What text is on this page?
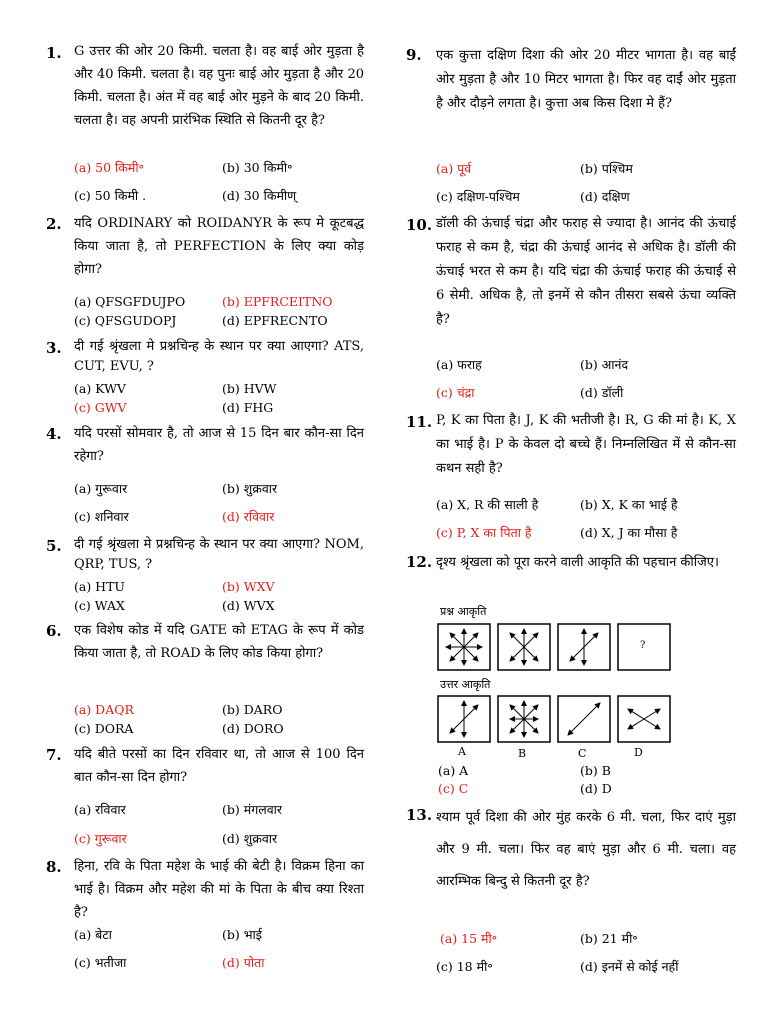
1. G उत्तर की ओर 20 किमी. चलता है। वह बाई ओर मुड़ता है और 40 किमी. चलता है। वह पुनः बाई ओर मुड़ता है और 20 किमी. चलता है। अंत में वह बाई ओर मुड़ने के बाद 20 किमी. चलता है। वह अपनी प्रारंभिक स्थिति से कितनी दूर है?
(a) 50 किमी॰	(b) 30 किमी॰
(c) 50 किमी .	(d) 30 किमीण्
2. यदि ORDINARY को ROIDANYR के रूप मे कूटबद्ध किया जाता है, तो PERFECTION के लिए क्या कोड़ होगा?
(a) QFSGFDUJPO	(b) EPFRCEITNO
(c) QFSGUDOPJ	(d) EPFRECNTO
3. दी गई श्रृंखला मे प्रश्नचिन्ह के स्थान पर क्या आएगा? ATS, CUT, EVU, ?
(a) KWV	(b) HVW
(c) GWV	(d) FHG
4. यदि परसों सोमवार है, तो आज से 15 दिन बार कौन-सा दिन रहेगा?
(a) गुरूवार	(b) शुक्रवार
(c) शनिवार	(d) रविवार
5. दी गई श्रृंखला मे प्रश्नचिन्ह के स्थान पर क्या आएगा? NOM, QRP, TUS, ?
(a) HTU	(b) WXV
(c) WAX	(d) WVX
6. एक विशेष कोड में यदि GATE को ETAG के रूप में कोड किया जाता है, तो ROAD के लिए कोड किया होगा?
(a) DAQR	(b) DARO
(c) DORA	(d) DORO
7. यदि बीते परसों का दिन रविवार था, तो आज से 100 दिन बात कौन-सा दिन होगा?
(a) रविवार	(b) मंगलवार
(c) गुरूवार	(d) शुक्रवार
8. हिना, रवि के पिता महेश के भाई की बेटी है। विक्रम हिना का भाई है। विक्रम और महेश की मां के पिता के बीच क्या रिश्ता है?
(a) बेटा	(b) भाई
(c) भतीजा	(d) पोता
9. एक कुत्ता दक्षिण दिशा की ओर 20 मीटर भागता है। वह बाईं ओर मुड़ता है और 10 मिटर भागता है। फिर वह दाईं ओर मुड़ता है और दौड़ने लगता है। कुत्ता अब किस दिशा मे हैं?
(a) पूर्व	(b) पश्चिम
(c) दक्षिण-पश्चिम	(d) दक्षिण
10. डॉली की ऊंचाई चंद्रा और फराह से ज्यादा है। आनंद की ऊंचाई फराह से कम है, चंद्रा की ऊंचाई आनंद से अधिक है। डॉली की ऊंचाई भरत से कम है। यदि चंद्रा की ऊंचाई फराह की ऊंचाई से 6 सेमी. अधिक है, तो इनमें से कौन तीसरा सबसे ऊंचा व्यक्ति है?
(a) फराह	(b) आनंद
(c) चंद्रा	(d) डॉली
11. P, K का पिता है। J, K की भतीजी है। R, G की मां है। K, X का भाई है। P के केवल दो बच्चे हैं। निम्नलिखित में से कौन-सा कथन सही है?
(a) X, R की साली है	(b) X, K का भाई है
(c) P, X का पिता है	(d) X, J का मौसा है
12. दृश्य श्रृंखला को पूरा करने वाली आकृति की पहचान कीजिए।
प्रश्न आकृति
?
उत्तर आकृति
A	B	C	D
(a) A	(b) B
(c) C	(d) D
13. श्याम पूर्व दिशा की ओर मुंह करके 6 मी. चला, फिर दाएं मुड़ा और 9 मी. चला। फिर वह बाएं मुड़ा और 6 मी. चला। वह आरम्भिक बिन्दु से कितनी दूर है?
(a) 15 मी॰	(b) 21 मी॰
(c) 18 मी॰	(d) इनमें से कोई नहीं
